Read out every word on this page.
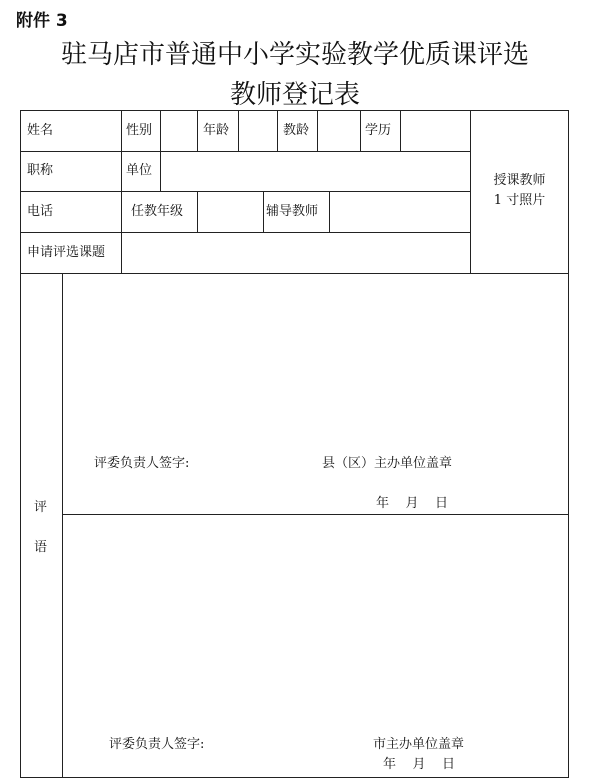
附件 3
驻马店市普通中小学实验教学优质课评选
教师登记表
姓名	性别	年龄	教龄	学历
职称	单位
电话	任教年级	辅导教师
申请评选课题
授课教师
1 寸照片
评
语
评委负责人签字:	县（区）主办单位盖章
年    月    日
评委负责人签字:	市主办单位盖章
年    月    日
